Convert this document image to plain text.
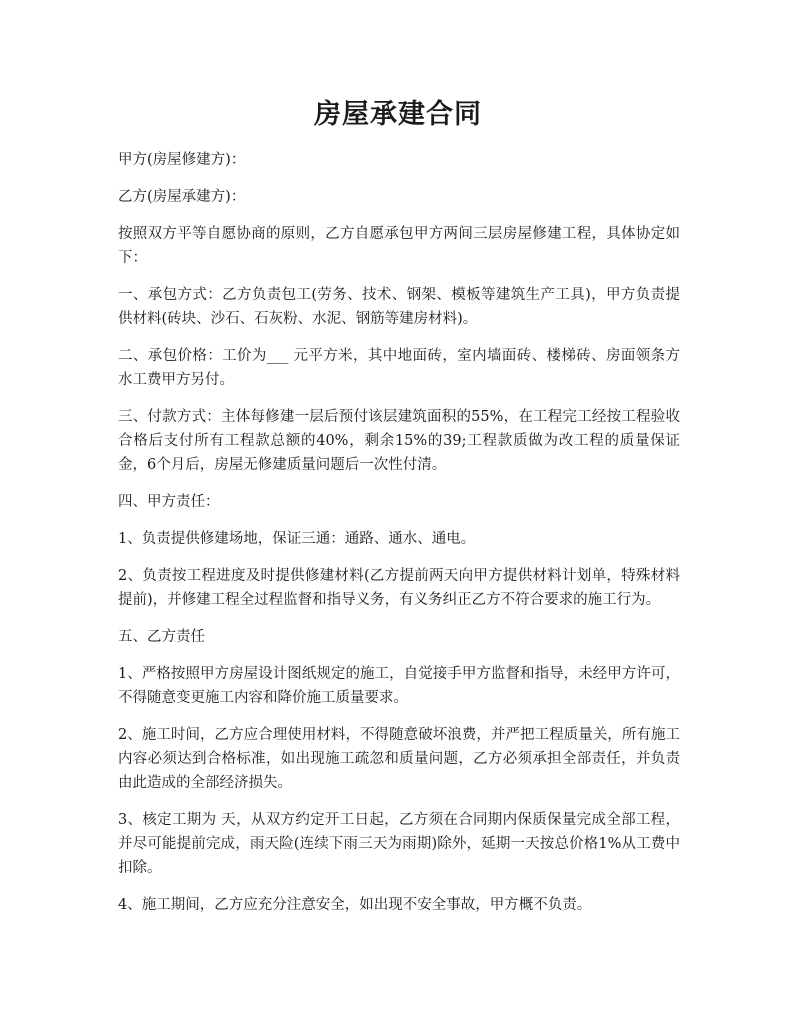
房屋承建合同

甲方(房屋修建方)：

乙方(房屋承建方)：

按照双方平等自愿协商的原则，乙方自愿承包甲方两间三层房屋修建工程，具体协定如下：

一、承包方式：乙方负责包工(劳务、技术、钢架、模板等建筑生产工具)，甲方负责提供材料(砖块、沙石、石灰粉、水泥、钢筋等建房材料)。

二、承包价格：工价为___ 元平方米，其中地面砖，室内墙面砖、楼梯砖、房面领条方水工费甲方另付。

三、付款方式：主体每修建一层后预付该层建筑面积的55%，在工程完工经按工程验收合格后支付所有工程款总额的40%，剩余15%的39;工程款质做为改工程的质量保证金，6个月后，房屋无修建质量问题后一次性付清。

四、甲方责任：

1、负责提供修建场地，保证三通：通路、通水、通电。

2、负责按工程进度及时提供修建材料(乙方提前两天向甲方提供材料计划单，特殊材料提前)，并修建工程全过程监督和指导义务，有义务纠正乙方不符合要求的施工行为。

五、乙方责任

1、严格按照甲方房屋设计图纸规定的施工，自觉接手甲方监督和指导，未经甲方许可，不得随意变更施工内容和降价施工质量要求。

2、施工时间，乙方应合理使用材料，不得随意破坏浪费，并严把工程质量关，所有施工内容必须达到合格标准，如出现施工疏忽和质量问题，乙方必须承担全部责任，并负责由此造成的全部经济损失。

3、核定工期为 天，从双方约定开工日起，乙方须在合同期内保质保量完成全部工程，并尽可能提前完成，雨天险(连续下雨三天为雨期)除外，延期一天按总价格1%从工费中扣除。

4、施工期间，乙方应充分注意安全，如出现不安全事故，甲方概不负责。
